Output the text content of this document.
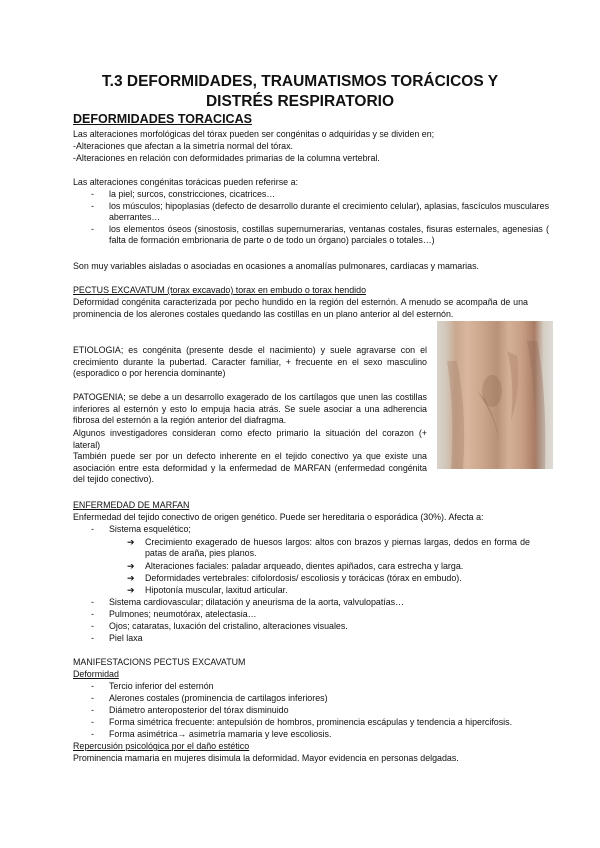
T.3 DEFORMIDADES, TRAUMATISMOS TORÁCICOS Y
DISTRÉS RESPIRATORIO
DEFORMIDADES TORACICAS
Las alteraciones morfológicas del tórax pueden ser congénitas o adquiridas y se dividen en;
-Alteraciones que afectan a la simetría normal del tórax.
-Alteraciones en relación con deformidades primarias de la columna vertebral.
Las alteraciones congénitas torácicas pueden referirse a:
- la piel; surcos, constricciones, cicatrices…
- los músculos; hipoplasias (defecto de desarrollo durante el crecimiento celular), aplasias, fascículos musculares aberrantes…
- los elementos óseos (sinostosis, costillas supernumerarias, ventanas costales, fisuras esternales, agenesias ( falta de formación embrionaria de parte o de todo un órgano) parciales o totales…)
Son muy variables aisladas o asociadas en ocasiones a anomalías pulmonares, cardiacas y mamarias.
PECTUS EXCAVATUM (torax excavado) torax en embudo o torax hendido
Deformidad congénita caracterizada por pecho hundido en la región del esternón. A menudo se acompaña de una prominencia de los alerones costales quedando las costillas en un plano anterior al del esternón.
ETIOLOGIA; es congénita (presente desde el nacimiento) y suele agravarse con el crecimiento durante la pubertad. Caracter familiar, + frecuente en el sexo masculino (esporadico o por herencia dominante)
PATOGENIA; se debe a un desarrollo exagerado de los cartílagos que unen las costillas inferiores al esternón y esto lo empuja hacia atrás. Se suele asociar a una adherencia fibrosa del esternón a la región anterior del diafragma.
Algunos investigadores consideran como efecto primario la situación del corazon (+ lateral)
También puede ser por un defecto inherente en el tejido conectivo ya que existe una asociación entre esta deformidad y la enfermedad de MARFAN (enfermedad congénita del tejido conectivo).
ENFERMEDAD DE MARFAN
Enfermedad del tejido conectivo de origen genético. Puede ser hereditaria o esporádica (30%). Afecta a:
- Sistema esquelético;
➔ Crecimiento exagerado de huesos largos: altos con brazos y piernas largas, dedos en forma de patas de araña, pies planos.
➔ Alteraciones faciales: paladar arqueado, dientes apiñados, cara estrecha y larga.
➔ Deformidades vertebrales: cifolordosis/ escoliosis y torácicas (tórax en embudo).
➔ Hipotonía muscular, laxitud articular.
- Sistema cardiovascular; dilatación y aneurisma de la aorta, valvulopatías…
- Pulmones; neumotórax, atelectasia…
- Ojos; cataratas, luxación del cristalino, alteraciones visuales.
- Piel laxa
MANIFESTACIONS PECTUS EXCAVATUM
Deformidad
- Tercio inferior del esternón
- Alerones costales (prominencia de cartilagos inferiores)
- Diámetro anteroposterior del tórax disminuido
- Forma simétrica frecuente: antepulsión de hombros, prominencia escápulas y tendencia a hipercifosis.
- Forma asimétrica→ asimetría mamaria y leve escoliosis.
Repercusión psicológica por el daño estético
Prominencia mamaria en mujeres disimula la deformidad. Mayor evidencia en personas delgadas.
